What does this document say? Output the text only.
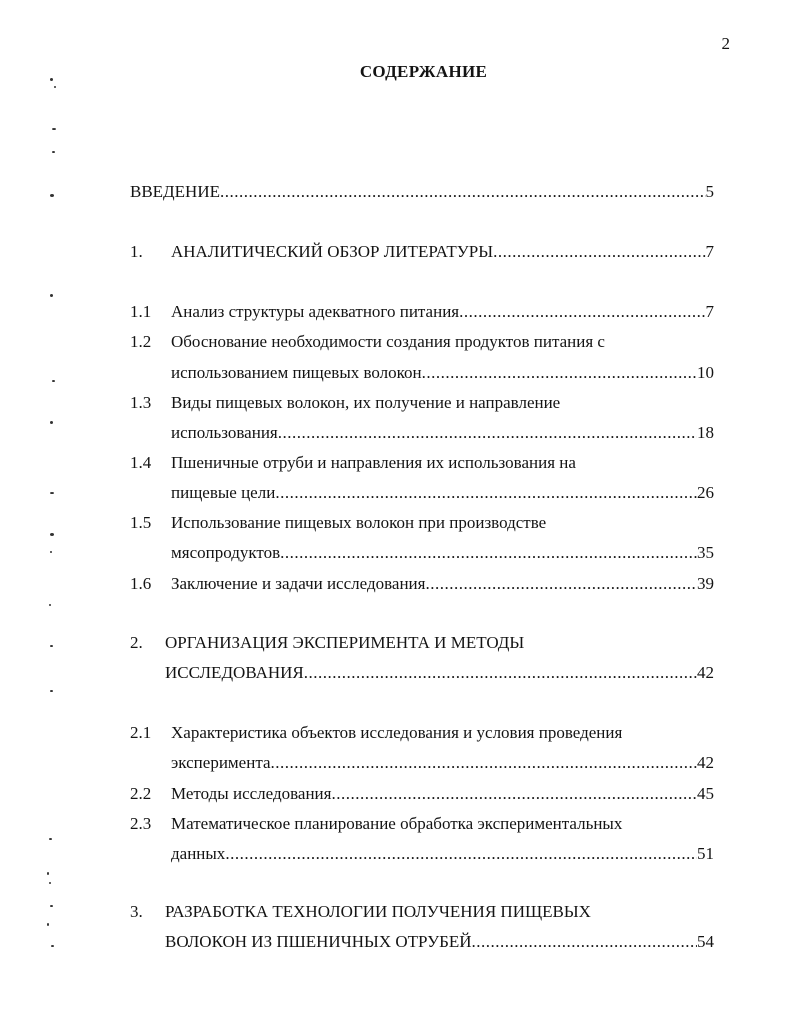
2
СОДЕРЖАНИЕ
ВВЕДЕНИЕ .....	5
1. АНАЛИТИЧЕСКИЙ ОБЗОР ЛИТЕРАТУРЫ .....	7
1.1 Анализ структуры адекватного питания .....	7
1.2 Обоснование необходимости создания продуктов питания с
использованием пищевых волокон .....	10
1.3 Виды пищевых волокон, их получение и направление
использования .....	18
1.4 Пшеничные отруби и направления их использования на
пищевые цели .....	26
1.5 Использование пищевых волокон при производстве
мясопродуктов .....	35
1.6 Заключение и задачи исследования .....	39
2. ОРГАНИЗАЦИЯ ЭКСПЕРИМЕНТА И МЕТОДЫ
ИССЛЕДОВАНИЯ .....	42
2.1 Характеристика объектов исследования и условия проведения
эксперимента .....	42
2.2 Методы исследования .....	45
2.3 Математическое планирование обработка экспериментальных
данных .....	51
3. РАЗРАБОТКА ТЕХНОЛОГИИ ПОЛУЧЕНИЯ ПИЩЕВЫХ
ВОЛОКОН ИЗ ПШЕНИЧНЫХ ОТРУБЕЙ .....	54
